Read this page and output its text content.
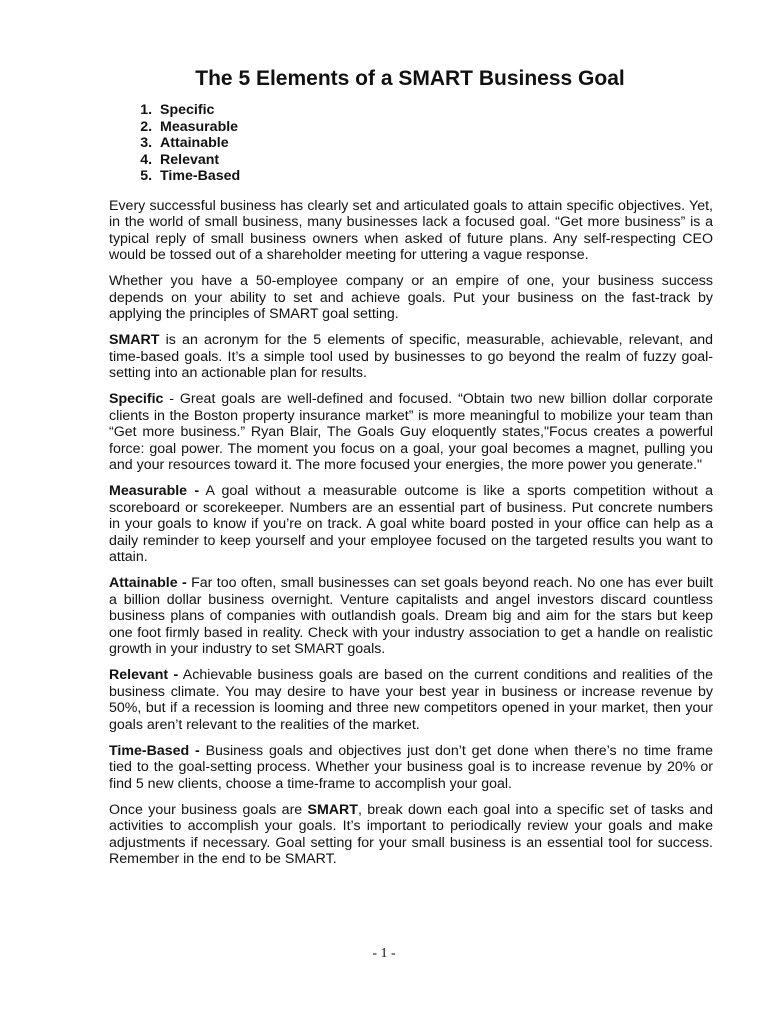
The 5 Elements of a SMART Business Goal
1. Specific
2. Measurable
3. Attainable
4. Relevant
5. Time-Based

Every successful business has clearly set and articulated goals to attain specific objectives. Yet, in the world of small business, many businesses lack a focused goal. “Get more business” is a typical reply of small business owners when asked of future plans. Any self-respecting CEO would be tossed out of a shareholder meeting for uttering a vague response.

Whether you have a 50-employee company or an empire of one, your business success depends on your ability to set and achieve goals. Put your business on the fast-track by applying the principles of SMART goal setting.

SMART is an acronym for the 5 elements of specific, measurable, achievable, relevant, and time-based goals. It’s a simple tool used by businesses to go beyond the realm of fuzzy goal-setting into an actionable plan for results.

Specific - Great goals are well-defined and focused. “Obtain two new billion dollar corporate clients in the Boston property insurance market” is more meaningful to mobilize your team than “Get more business.” Ryan Blair, The Goals Guy eloquently states,"Focus creates a powerful force: goal power. The moment you focus on a goal, your goal becomes a magnet, pulling you and your resources toward it. The more focused your energies, the more power you generate."

Measurable - A goal without a measurable outcome is like a sports competition without a scoreboard or scorekeeper. Numbers are an essential part of business. Put concrete numbers in your goals to know if you’re on track. A goal white board posted in your office can help as a daily reminder to keep yourself and your employee focused on the targeted results you want to attain.

Attainable - Far too often, small businesses can set goals beyond reach. No one has ever built a billion dollar business overnight. Venture capitalists and angel investors discard countless business plans of companies with outlandish goals. Dream big and aim for the stars but keep one foot firmly based in reality. Check with your industry association to get a handle on realistic growth in your industry to set SMART goals.

Relevant - Achievable business goals are based on the current conditions and realities of the business climate. You may desire to have your best year in business or increase revenue by 50%, but if a recession is looming and three new competitors opened in your market, then your goals aren’t relevant to the realities of the market.

Time-Based - Business goals and objectives just don’t get done when there’s no time frame tied to the goal-setting process. Whether your business goal is to increase revenue by 20% or find 5 new clients, choose a time-frame to accomplish your goal.

Once your business goals are SMART, break down each goal into a specific set of tasks and activities to accomplish your goals. It’s important to periodically review your goals and make adjustments if necessary. Goal setting for your small business is an essential tool for success. Remember in the end to be SMART.

- 1 -
